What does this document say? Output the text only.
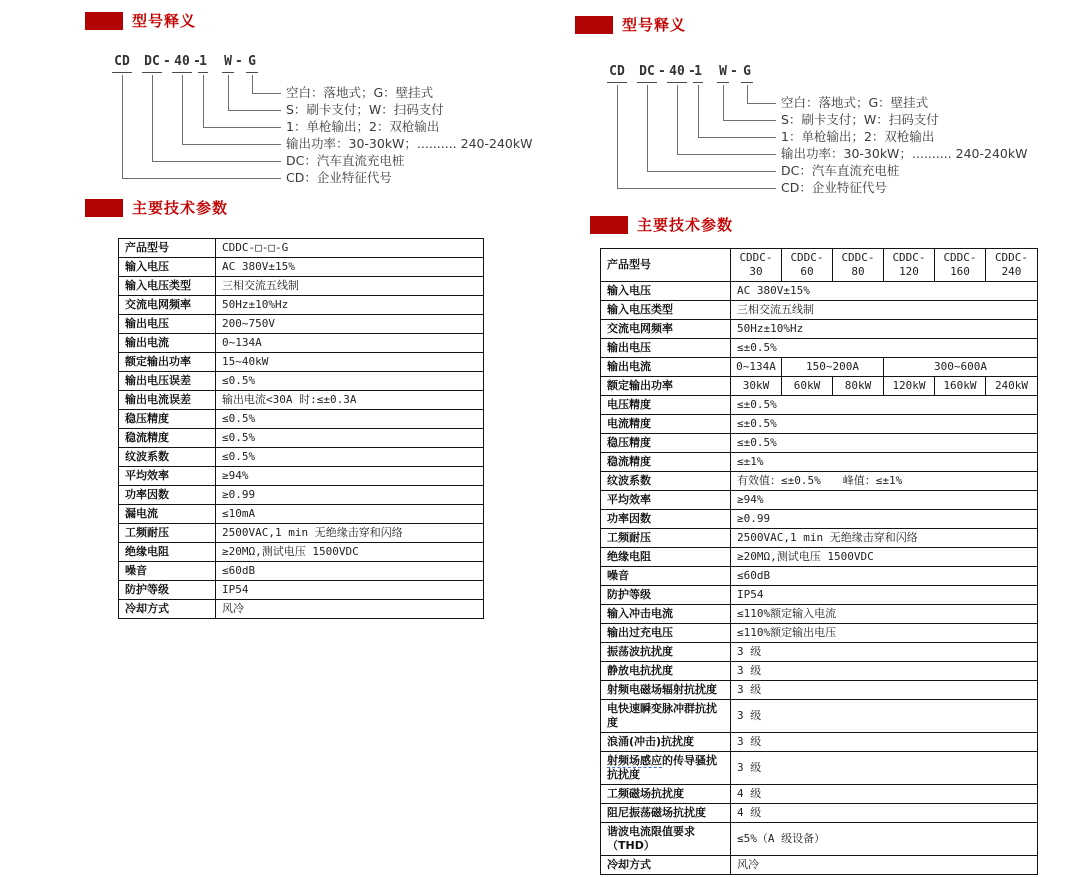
型号释义
CD DC - 40 -
1 W - G
空白：落地式；G：壁挂式
S：刷卡支付；W：扫码支付
1：单枪输出；2：双枪输出
输出功率：30-30kW；.......... 240-240kW
DC：汽车直流充电桩
CD：企业特征代号
主要技术参数
产品型号	CDDC-□-□-G
输入电压	AC 380V±15%
输入电压类型	三相交流五线制
交流电网频率	50Hz±10%Hz
输出电压	200~750V
输出电流	0~134A
额定输出功率	15~40kW
输出电压误差	≤0.5%
输出电流误差	输出电流<30A 时:≤±0.3A
稳压精度	≤0.5%
稳流精度	≤0.5%
纹波系数	≤0.5%
平均效率	≥94%
功率因数	≥0.99
漏电流	≤10mA
工频耐压	2500VAC,1 min 无绝缘击穿和闪络
绝缘电阻	≥20MΩ,测试电压 1500VDC
噪音	≤60dB
防护等级	IP54
冷却方式	风冷
型号释义
CD DC - 40 -
1 W - G
空白：落地式；G：壁挂式
S：刷卡支付；W：扫码支付
1：单枪输出；2：双枪输出
输出功率：30-30kW；.......... 240-240kW
DC：汽车直流充电桩
CD：企业特征代号
主要技术参数
产品型号	CDDC-30	CDDC-60	CDDC-80	CDDC-120	CDDC-160	CDDC-240
输入电压	AC 380V±15%					
输入电压类型	三相交流五线制					
交流电网频率	50Hz±10%Hz					
输出电压	≤±0.5%					
输出电流	0~134A	150~200A		300~600A		
额定输出功率	30kW	60kW	80kW	120kW	160kW	240kW
电压精度	≤±0.5%					
电流精度	≤±0.5%					
稳压精度	≤±0.5%					
稳流精度	≤±1%					
纹波系数	有效值：≤±0.5%　　峰值：≤±1%					
平均效率	≥94%					
功率因数	≥0.99					
工频耐压	2500VAC,1 min 无绝缘击穿和闪络					
绝缘电阻	≥20MΩ,测试电压 1500VDC					
噪音	≤60dB					
防护等级	IP54					
输入冲击电流	≤110%额定输入电流					
输出过充电压	≤110%额定输出电压					
振荡波抗扰度	3 级					
静放电抗扰度	3 级					
射频电磁场辐射抗扰度	3 级					
电快速瞬变脉冲群抗扰度	3 级					
浪涌(冲击)抗扰度	3 级					
射频场感应的传导骚扰抗扰度	3 级					
工频磁场抗扰度	4 级					
阻尼振荡磁场抗扰度	4 级					
谐波电流限值要求（THD）	≤5%（A 级设备）					
冷却方式	风冷					
